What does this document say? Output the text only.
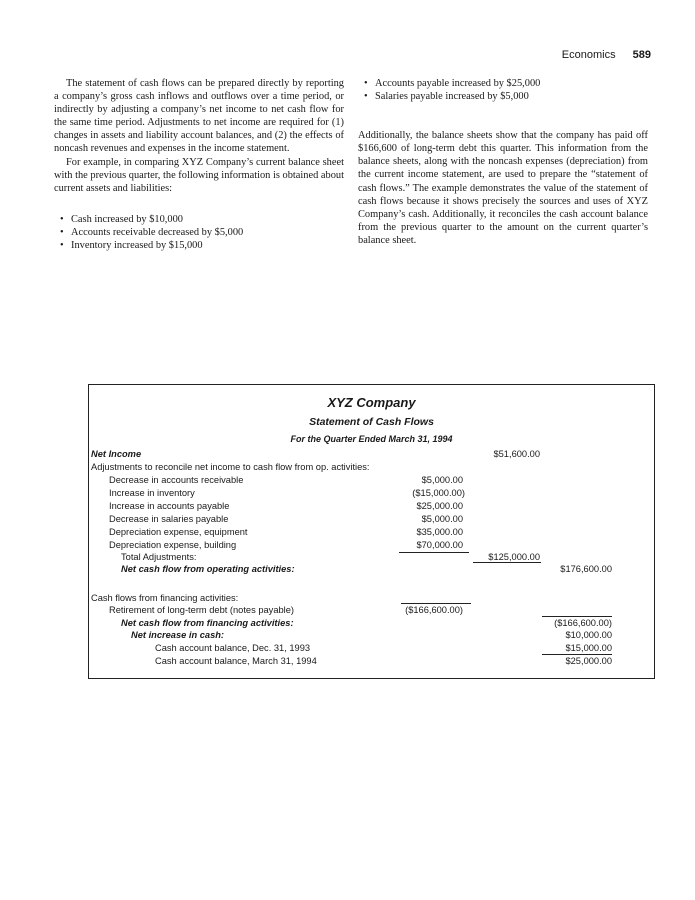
Economics 589

The statement of cash flows can be prepared directly by reporting a company’s gross cash inflows and outflows over a time period, or indirectly by adjusting a company’s net income to net cash flow for the same time period. Adjustments to net income are required for (1) changes in assets and liability account balances, and (2) the effects of noncash revenues and expenses in the income statement.

For example, in comparing XYZ Company’s current balance sheet with the previous quarter, the following information is obtained about current assets and liabilities:

• Cash increased by $10,000
• Accounts receivable decreased by $5,000
• Inventory increased by $15,000
• Accounts payable increased by $25,000
• Salaries payable increased by $5,000

Additionally, the balance sheets show that the company has paid off $166,600 of long-term debt this quarter. This information from the balance sheets, along with the noncash expenses (depreciation) from the current income statement, are used to prepare the “statement of cash flows.” The example demonstrates the value of the statement of cash flows because it shows precisely the sources and uses of XYZ Company’s cash. Additionally, it reconciles the cash account balance from the previous quarter to the amount on the current quarter’s balance sheet.

XYZ Company
Statement of Cash Flows
For the Quarter Ended March 31, 1994
Net Income	$51,600.00
Adjustments to reconcile net income to cash flow from op. activities:
Decrease in accounts receivable	$5,000.00
Increase in inventory	($15,000.00)
Increase in accounts payable	$25,000.00
Decrease in salaries payable	$5,000.00
Depreciation expense, equipment	$35,000.00
Depreciation expense, building	$70,000.00
Total Adjustments:	$125,000.00
Net cash flow from operating activities:	$176,600.00
Cash flows from financing activities:
Retirement of long-term debt (notes payable)	($166,600.00)
Net cash flow from financing activities:	($166,600.00)
Net increase in cash:	$10,000.00
Cash account balance, Dec. 31, 1993	$15,000.00
Cash account balance, March 31, 1994	$25,000.00
